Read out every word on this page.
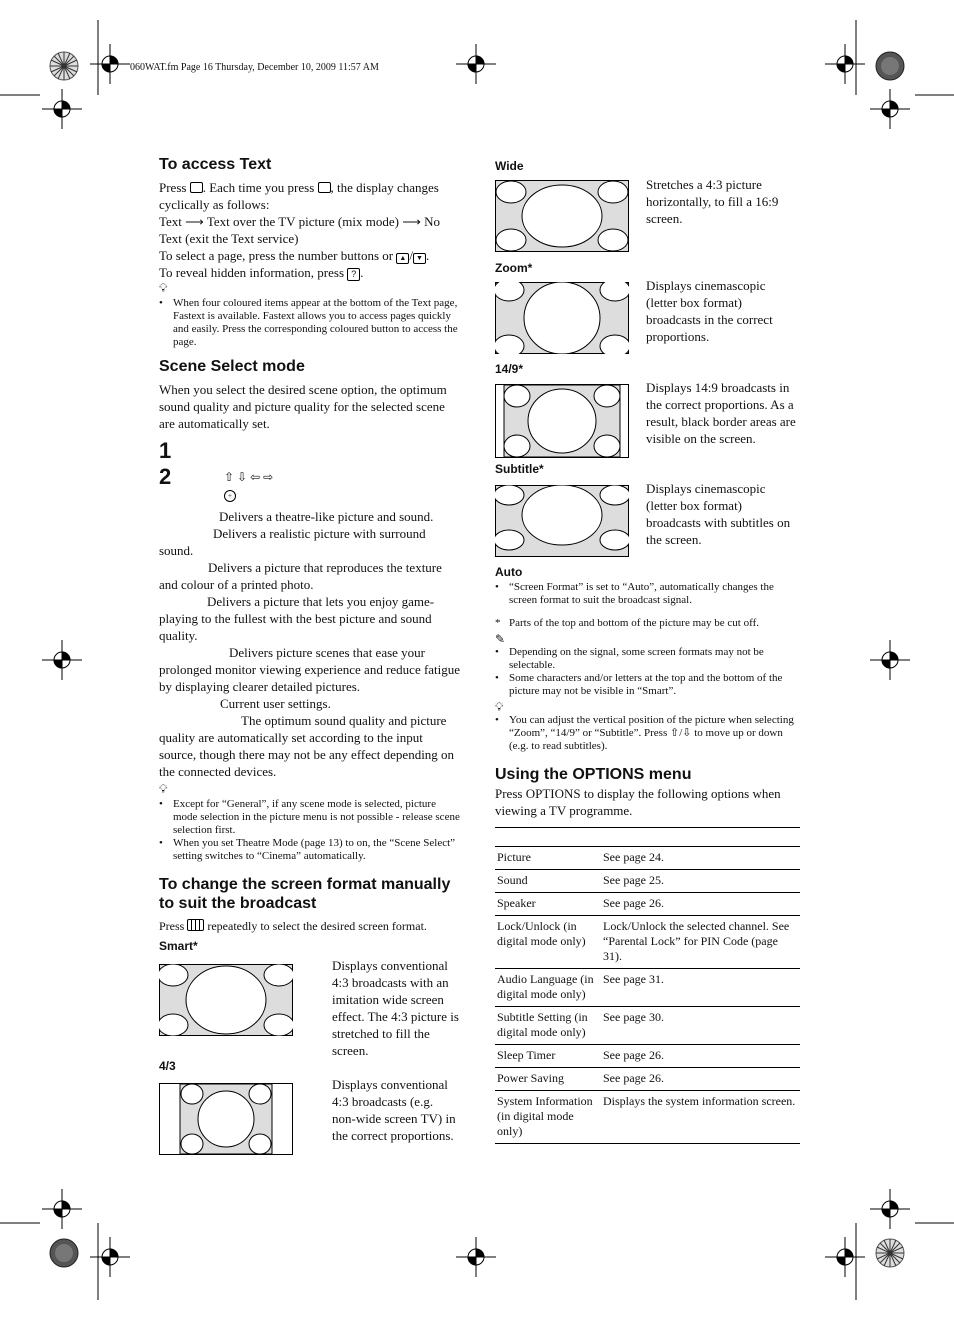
060WAT.fm Page 16 Thursday, December 10, 2009 11:57 AM
To access Text
Press . Each time you press , the display changes cyclically as follows:
Text ⟶ Text over the TV picture (mix mode) ⟶ No Text (exit the Text service)
To select a page, press the number buttons or ▲ / ▼ .
To reveal hidden information, press ? .
💡︎
• When four coloured items appear at the bottom of the Text page, Fastext is available. Fastext allows you to access pages quickly and easily. Press the corresponding coloured button to access the page.
Scene Select mode
When you select the desired scene option, the optimum sound quality and picture quality for the selected scene are automatically set.
1
2	⇧⇩⇦⇨
+
Delivers a theatre-like picture and sound.
Delivers a realistic picture with surround sound.
Delivers a picture that reproduces the texture and colour of a printed photo.
Delivers a picture that lets you enjoy game-playing to the fullest with the best picture and sound quality.
Delivers picture scenes that ease your prolonged monitor viewing experience and reduce fatigue by displaying clearer detailed pictures.
Current user settings.
The optimum sound quality and picture quality are automatically set according to the input source, though there may not be any effect depending on the connected devices.
💡︎
• Except for “General”, if any scene mode is selected, picture mode selection in the picture menu is not possible - release scene selection first.
• When you set Theatre Mode (page 13) to on, the “Scene Select” setting switches to “Cinema” automatically.
To change the screen format manually to suit the broadcast
Press repeatedly to select the desired screen format.
Smart*
Displays conventional 4:3 broadcasts with an imitation wide screen effect. The 4:3 picture is stretched to fill the screen.
4/3
Displays conventional 4:3 broadcasts (e.g. non-wide screen TV) in the correct proportions.
Wide
Stretches a 4:3 picture horizontally, to fill a 16:9 screen.
Zoom*
Displays cinemascopic (letter box format) broadcasts in the correct proportions.
14/9*
Displays 14:9 broadcasts in the correct proportions. As a result, black border areas are visible on the screen.
Subtitle*
Displays cinemascopic (letter box format) broadcasts with subtitles on the screen.
Auto
• “Screen Format” is set to “Auto”, automatically changes the screen format to suit the broadcast signal.
* Parts of the top and bottom of the picture may be cut off.
✎
• Depending on the signal, some screen formats may not be selectable.
• Some characters and/or letters at the top and the bottom of the picture may not be visible in “Smart”.
💡︎
• You can adjust the vertical position of the picture when selecting “Zoom”, “14/9” or “Subtitle”. Press ⇧/⇩ to move up or down (e.g. to read subtitles).
Using the OPTIONS menu
Press OPTIONS to display the following options when viewing a TV programme.
Picture	See page 24.
Sound	See page 25.
Speaker	See page 26.
Lock/Unlock (in digital mode only)	Lock/Unlock the selected channel. See “Parental Lock” for PIN Code (page 31).
Audio Language (in digital mode only)	See page 31.
Subtitle Setting (in digital mode only)	See page 30.
Sleep Timer	See page 26.
Power Saving	See page 26.
System Information (in digital mode only)	Displays the system information screen.
